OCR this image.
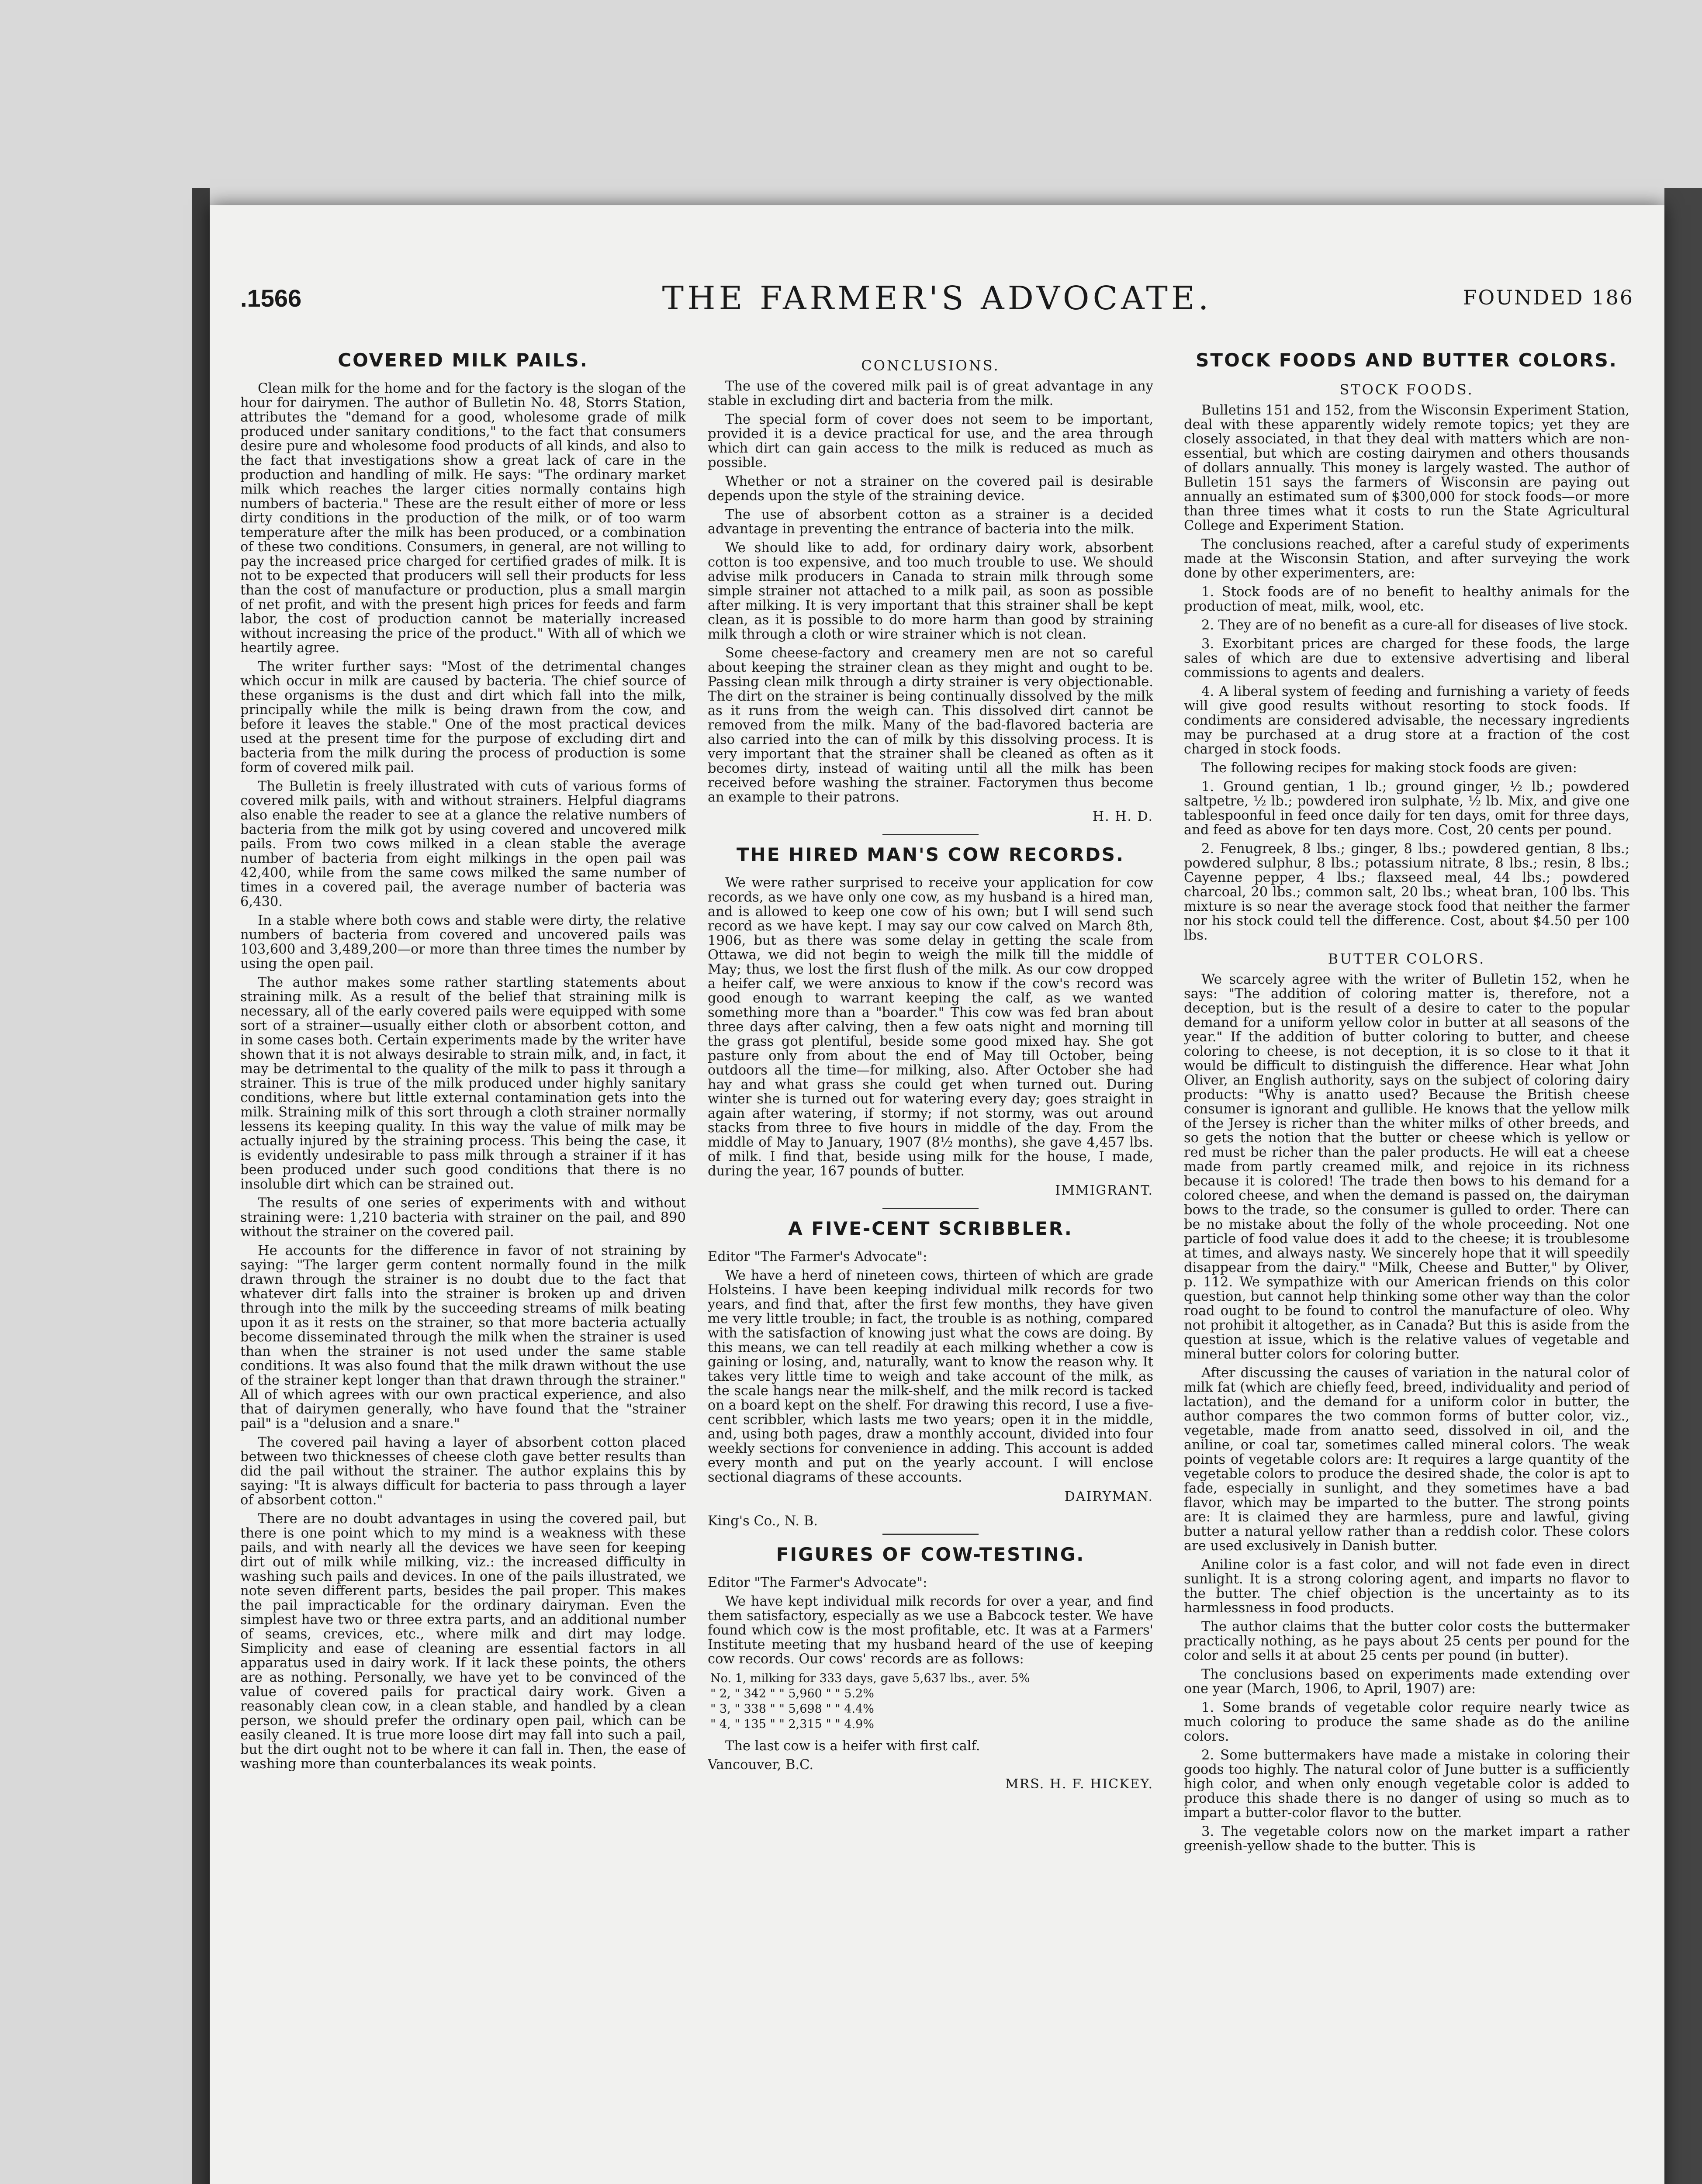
.1566	THE FARMER'S ADVOCATE.	FOUNDED 186
COVERED MILK PAILS.

Clean milk for the home and for the factory is the slogan of the hour for dairymen. The author of Bulletin No. 48, Storrs Station, attributes the "demand for a good, wholesome grade of milk produced under sanitary conditions," to the fact that consumers desire pure and wholesome food products of all kinds, and also to the fact that investigations show a great lack of care in the production and handling of milk. He says: "The ordinary market milk which reaches the larger cities normally contains high numbers of bacteria." These are the result either of more or less dirty conditions in the production of the milk, or of too warm temperature after the milk has been produced, or a combination of these two conditions. Consumers, in general, are not willing to pay the increased price charged for certified grades of milk. It is not to be expected that producers will sell their products for less than the cost of manufacture or production, plus a small margin of net profit, and with the present high prices for feeds and farm labor, the cost of production cannot be materially increased without increasing the price of the product." With all of which we heartily agree.

The writer further says: "Most of the detrimental changes which occur in milk are caused by bacteria. The chief source of these organisms is the dust and dirt which fall into the milk, principally while the milk is being drawn from the cow, and before it leaves the stable." One of the most practical devices used at the present time for the purpose of excluding dirt and bacteria from the milk during the process of production is some form of covered milk pail.

The Bulletin is freely illustrated with cuts of various forms of covered milk pails, with and without strainers. Helpful diagrams also enable the reader to see at a glance the relative numbers of bacteria from the milk got by using covered and uncovered milk pails. From two cows milked in a clean stable the average number of bacteria from eight milkings in the open pail was 42,400, while from the same cows milked the same number of times in a covered pail, the average number of bacteria was 6,430.

In a stable where both cows and stable were dirty, the relative numbers of bacteria from covered and uncovered pails was 103,600 and 3,489,200—or more than three times the number by using the open pail.

The author makes some rather startling statements about straining milk. As a result of the belief that straining milk is necessary, all of the early covered pails were equipped with some sort of a strainer—usually either cloth or absorbent cotton, and in some cases both. Certain experiments made by the writer have shown that it is not always desirable to strain milk, and, in fact, it may be detrimental to the quality of the milk to pass it through a strainer. This is true of the milk produced under highly sanitary conditions, where but little external contamination gets into the milk. Straining milk of this sort through a cloth strainer normally lessens its keeping quality. In this way the value of milk may be actually injured by the straining process. This being the case, it is evidently undesirable to pass milk through a strainer if it has been produced under such good conditions that there is no insoluble dirt which can be strained out.

The results of one series of experiments with and without straining were: 1,210 bacteria with strainer on the pail, and 890 without the strainer on the covered pail.

He accounts for the difference in favor of not straining by saying: "The larger germ content normally found in the milk drawn through the strainer is no doubt due to the fact that whatever dirt falls into the strainer is broken up and driven through into the milk by the succeeding streams of milk beating upon it as it rests on the strainer, so that more bacteria actually become disseminated through the milk when the strainer is used than when the strainer is not used under the same stable conditions. It was also found that the milk drawn without the use of the strainer kept longer than that drawn through the strainer." All of which agrees with our own practical experience, and also that of dairymen generally, who have found that the "strainer pail" is a "delusion and a snare."

The covered pail having a layer of absorbent cotton placed between two thicknesses of cheese cloth gave better results than did the pail without the strainer. The author explains this by saying: "It is always difficult for bacteria to pass through a layer of absorbent cotton."

There are no doubt advantages in using the covered pail, but there is one point which to my mind is a weakness with these pails, and with nearly all the devices we have seen for keeping dirt out of milk while milking, viz.: the increased difficulty in washing such pails and devices. In one of the pails illustrated, we note seven different parts, besides the pail proper. This makes the pail impracticable for the ordinary dairyman. Even the simplest have two or three extra parts, and an additional number of seams, crevices, etc., where milk and dirt may lodge. Simplicity and ease of cleaning are essential factors in all apparatus used in dairy work. If it lack these points, the others are as nothing. Personally, we have yet to be convinced of the value of covered pails for practical dairy work. Given a reasonably clean cow, in a clean stable, and handled by a clean person, we should prefer the ordinary open pail, which can be easily cleaned. It is true more loose dirt may fall into such a pail, but the dirt ought not to be where it can fall in. Then, the ease of washing more than counterbalances its weak points.

CONCLUSIONS.

The use of the covered milk pail is of great advantage in any stable in excluding dirt and bacteria from the milk.

The special form of cover does not seem to be important, provided it is a device practical for use, and the area through which dirt can gain access to the milk is reduced as much as possible.

Whether or not a strainer on the covered pail is desirable depends upon the style of the straining device.

The use of absorbent cotton as a strainer is a decided advantage in preventing the entrance of bacteria into the milk.

We should like to add, for ordinary dairy work, absorbent cotton is too expensive, and too much trouble to use. We should advise milk producers in Canada to strain milk through some simple strainer not attached to a milk pail, as soon as possible after milking. It is very important that this strainer shall be kept clean, as it is possible to do more harm than good by straining milk through a cloth or wire strainer which is not clean.

Some cheese-factory and creamery men are not so careful about keeping the strainer clean as they might and ought to be. Passing clean milk through a dirty strainer is very objectionable. The dirt on the strainer is being continually dissolved by the milk as it runs from the weigh can. This dissolved dirt cannot be removed from the milk. Many of the bad-flavored bacteria are also carried into the can of milk by this dissolving process. It is very important that the strainer shall be cleaned as often as it becomes dirty, instead of waiting until all the milk has been received before washing the strainer. Factorymen thus become an example to their patrons.

H. H. D.
THE HIRED MAN'S COW RECORDS.

We were rather surprised to receive your application for cow records, as we have only one cow, as my husband is a hired man, and is allowed to keep one cow of his own; but I will send such record as we have kept. I may say our cow calved on March 8th, 1906, but as there was some delay in getting the scale from Ottawa, we did not begin to weigh the milk till the middle of May; thus, we lost the first flush of the milk. As our cow dropped a heifer calf, we were anxious to know if the cow's record was good enough to warrant keeping the calf, as we wanted something more than a "boarder." This cow was fed bran about three days after calving, then a few oats night and morning till the grass got plentiful, beside some good mixed hay. She got pasture only from about the end of May till October, being outdoors all the time—for milking, also. After October she had hay and what grass she could get when turned out. During winter she is turned out for watering every day; goes straight in again after watering, if stormy; if not stormy, was out around stacks from three to five hours in middle of the day. From the middle of May to January, 1907 (8½ months), she gave 4,457 lbs. of milk. I find that, beside using milk for the house, I made, during the year, 167 pounds of butter.

IMMIGRANT.
A FIVE-CENT SCRIBBLER.

Editor "The Farmer's Advocate":

We have a herd of nineteen cows, thirteen of which are grade Holsteins. I have been keeping individual milk records for two years, and find that, after the first few months, they have given me very little trouble; in fact, the trouble is as nothing, compared with the satisfaction of knowing just what the cows are doing. By this means, we can tell readily at each milking whether a cow is gaining or losing, and, naturally, want to know the reason why. It takes very little time to weigh and take account of the milk, as the scale hangs near the milk-shelf, and the milk record is tacked on a board kept on the shelf. For drawing this record, I use a five-cent scribbler, which lasts me two years; open it in the middle, and, using both pages, draw a monthly account, divided into four weekly sections for convenience in adding. This account is added every month and put on the yearly account. I will enclose sectional diagrams of these accounts.

DAIRYMAN.

King's Co., N. B.

FIGURES OF COW-TESTING.

Editor "The Farmer's Advocate":

We have kept individual milk records for over a year, and find them satisfactory, especially as we use a Babcock tester. We have found which cow is the most profitable, etc. It was at a Farmers' Institute meeting that my husband heard of the use of keeping cow records. Our cows' records are as follows:

No. 1, milking for 333 days, gave 5,637 lbs., aver. 5%
" 2, " 342 " " 5,960 " " 5.2%
" 3, " 338 " " 5,698 " " 4.4%
" 4, " 135 " " 2,315 " " 4.9%

The last cow is a heifer with first calf.

Vancouver, B.C.

MRS. H. F. HICKEY.
STOCK FOODS AND BUTTER COLORS.
STOCK FOODS.

Bulletins 151 and 152, from the Wisconsin Experiment Station, deal with these apparently widely remote topics; yet they are closely associated, in that they deal with matters which are non-essential, but which are costing dairymen and others thousands of dollars annually. This money is largely wasted. The author of Bulletin 151 says the farmers of Wisconsin are paying out annually an estimated sum of $300,000 for stock foods—or more than three times what it costs to run the State Agricultural College and Experiment Station.

The conclusions reached, after a careful study of experiments made at the Wisconsin Station, and after surveying the work done by other experimenters, are:

1. Stock foods are of no benefit to healthy animals for the production of meat, milk, wool, etc.

2. They are of no benefit as a cure-all for diseases of live stock.

3. Exorbitant prices are charged for these foods, the large sales of which are due to extensive advertising and liberal commissions to agents and dealers.

4. A liberal system of feeding and furnishing a variety of feeds will give good results without resorting to stock foods. If condiments are considered advisable, the necessary ingredients may be purchased at a drug store at a fraction of the cost charged in stock foods.

The following recipes for making stock foods are given:

1. Ground gentian, 1 lb.; ground ginger, ½ lb.; powdered saltpetre, ½ lb.; powdered iron sulphate, ½ lb. Mix, and give one tablespoonful in feed once daily for ten days, omit for three days, and feed as above for ten days more. Cost, 20 cents per pound.

2. Fenugreek, 8 lbs.; ginger, 8 lbs.; powdered gentian, 8 lbs.; powdered sulphur, 8 lbs.; potassium nitrate, 8 lbs.; resin, 8 lbs.; Cayenne pepper, 4 lbs.; flaxseed meal, 44 lbs.; powdered charcoal, 20 lbs.; common salt, 20 lbs.; wheat bran, 100 lbs. This mixture is so near the average stock food that neither the farmer nor his stock could tell the difference. Cost, about $4.50 per 100 lbs.

BUTTER COLORS.

We scarcely agree with the writer of Bulletin 152, when he says: "The addition of coloring matter is, therefore, not a deception, but is the result of a desire to cater to the popular demand for a uniform yellow color in butter at all seasons of the year." If the addition of butter coloring to butter, and cheese coloring to cheese, is not deception, it is so close to it that it would be difficult to distinguish the difference. Hear what John Oliver, an English authority, says on the subject of coloring dairy products: "Why is anatto used? Because the British cheese consumer is ignorant and gullible. He knows that the yellow milk of the Jersey is richer than the whiter milks of other breeds, and so gets the notion that the butter or cheese which is yellow or red must be richer than the paler products. He will eat a cheese made from partly creamed milk, and rejoice in its richness because it is colored! The trade then bows to his demand for a colored cheese, and when the demand is passed on, the dairyman bows to the trade, so the consumer is gulled to order. There can be no mistake about the folly of the whole proceeding. Not one particle of food value does it add to the cheese; it is troublesome at times, and always nasty. We sincerely hope that it will speedily disappear from the dairy." "Milk, Cheese and Butter," by Oliver, p. 112. We sympathize with our American friends on this color question, but cannot help thinking some other way than the color road ought to be found to control the manufacture of oleo. Why not prohibit it altogether, as in Canada? But this is aside from the question at issue, which is the relative values of vegetable and mineral butter colors for coloring butter.

After discussing the causes of variation in the natural color of milk fat (which are chiefly feed, breed, individuality and period of lactation), and the demand for a uniform color in butter, the author compares the two common forms of butter color, viz., vegetable, made from anatto seed, dissolved in oil, and the aniline, or coal tar, sometimes called mineral colors. The weak points of vegetable colors are: It requires a large quantity of the vegetable colors to produce the desired shade, the color is apt to fade, especially in sunlight, and they sometimes have a bad flavor, which may be imparted to the butter. The strong points are: It is claimed they are harmless, pure and lawful, giving butter a natural yellow rather than a reddish color. These colors are used exclusively in Danish butter.

Aniline color is a fast color, and will not fade even in direct sunlight. It is a strong coloring agent, and imparts no flavor to the butter. The chief objection is the uncertainty as to its harmlessness in food products.

The author claims that the butter color costs the buttermaker practically nothing, as he pays about 25 cents per pound for the color and sells it at about 25 cents per pound (in butter).

The conclusions based on experiments made extending over one year (March, 1906, to April, 1907) are:

1. Some brands of vegetable color require nearly twice as much coloring to produce the same shade as do the aniline colors.

2. Some buttermakers have made a mistake in coloring their goods too highly. The natural color of June butter is a sufficiently high color, and when only enough vegetable color is added to produce this shade there is no danger of using so much as to impart a butter-color flavor to the butter.

3. The vegetable colors now on the market impart a rather greenish-yellow shade to the butter. This is
